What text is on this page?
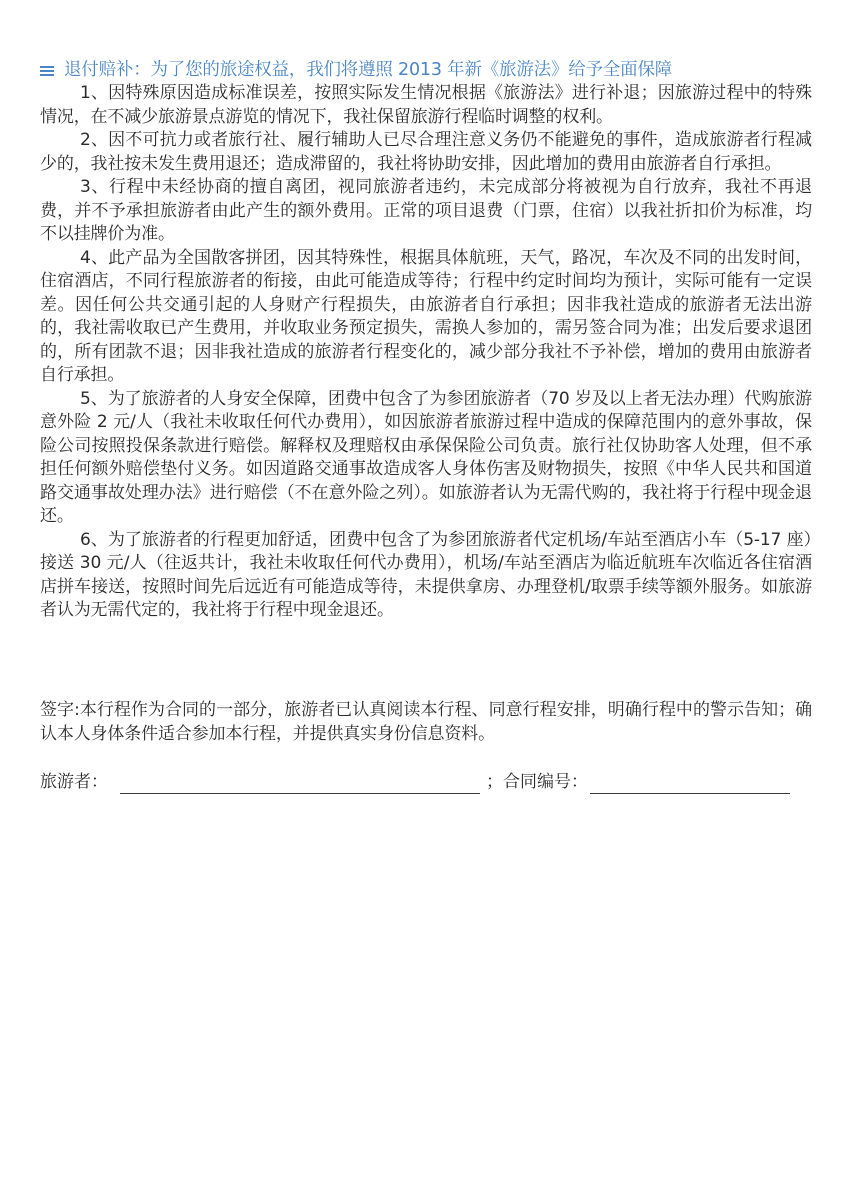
退付赔补：为了您的旅途权益，我们将遵照 2013 年新《旅游法》给予全面保障

1、因特殊原因造成标准误差，按照实际发生情况根据《旅游法》进行补退；因旅游过程中的特殊情况，在不减少旅游景点游览的情况下，我社保留旅游行程临时调整的权利。

2、因不可抗力或者旅行社、履行辅助人已尽合理注意义务仍不能避免的事件，造成旅游者行程减少的，我社按未发生费用退还；造成滞留的，我社将协助安排，因此增加的费用由旅游者自行承担。

3、行程中未经协商的擅自离团，视同旅游者违约，未完成部分将被视为自行放弃，我社不再退费，并不予承担旅游者由此产生的额外费用。正常的项目退费（门票，住宿）以我社折扣价为标准，均不以挂牌价为准。

4、此产品为全国散客拼团，因其特殊性，根据具体航班，天气，路况，车次及不同的出发时间，住宿酒店，不同行程旅游者的衔接，由此可能造成等待；行程中约定时间均为预计，实际可能有一定误差。因任何公共交通引起的人身财产行程损失，由旅游者自行承担；因非我社造成的旅游者无法出游的，我社需收取已产生费用，并收取业务预定损失，需换人参加的，需另签合同为准；出发后要求退团的，所有团款不退；因非我社造成的旅游者行程变化的，减少部分我社不予补偿，增加的费用由旅游者自行承担。

5、为了旅游者的人身安全保障，团费中包含了为参团旅游者（70 岁及以上者无法办理）代购旅游意外险 2 元/人（我社未收取任何代办费用），如因旅游者旅游过程中造成的保障范围内的意外事故，保险公司按照投保条款进行赔偿。解释权及理赔权由承保保险公司负责。旅行社仅协助客人处理，但不承担任何额外赔偿垫付义务。如因道路交通事故造成客人身体伤害及财物损失，按照《中华人民共和国道路交通事故处理办法》进行赔偿（不在意外险之列）。如旅游者认为无需代购的，我社将于行程中现金退还。

6、为了旅游者的行程更加舒适，团费中包含了为参团旅游者代定机场/车站至酒店小车（5-17 座）接送 30 元/人（往返共计，我社未收取任何代办费用），机场/车站至酒店为临近航班车次临近各住宿酒店拼车接送，按照时间先后远近有可能造成等待，未提供拿房、办理登机/取票手续等额外服务。如旅游者认为无需代定的，我社将于行程中现金退还。

签字:本行程作为合同的一部分，旅游者已认真阅读本行程、同意行程安排，明确行程中的警示告知；确认本人身体条件适合参加本行程，并提供真实身份信息资料。
旅游者：	；合同编号：
